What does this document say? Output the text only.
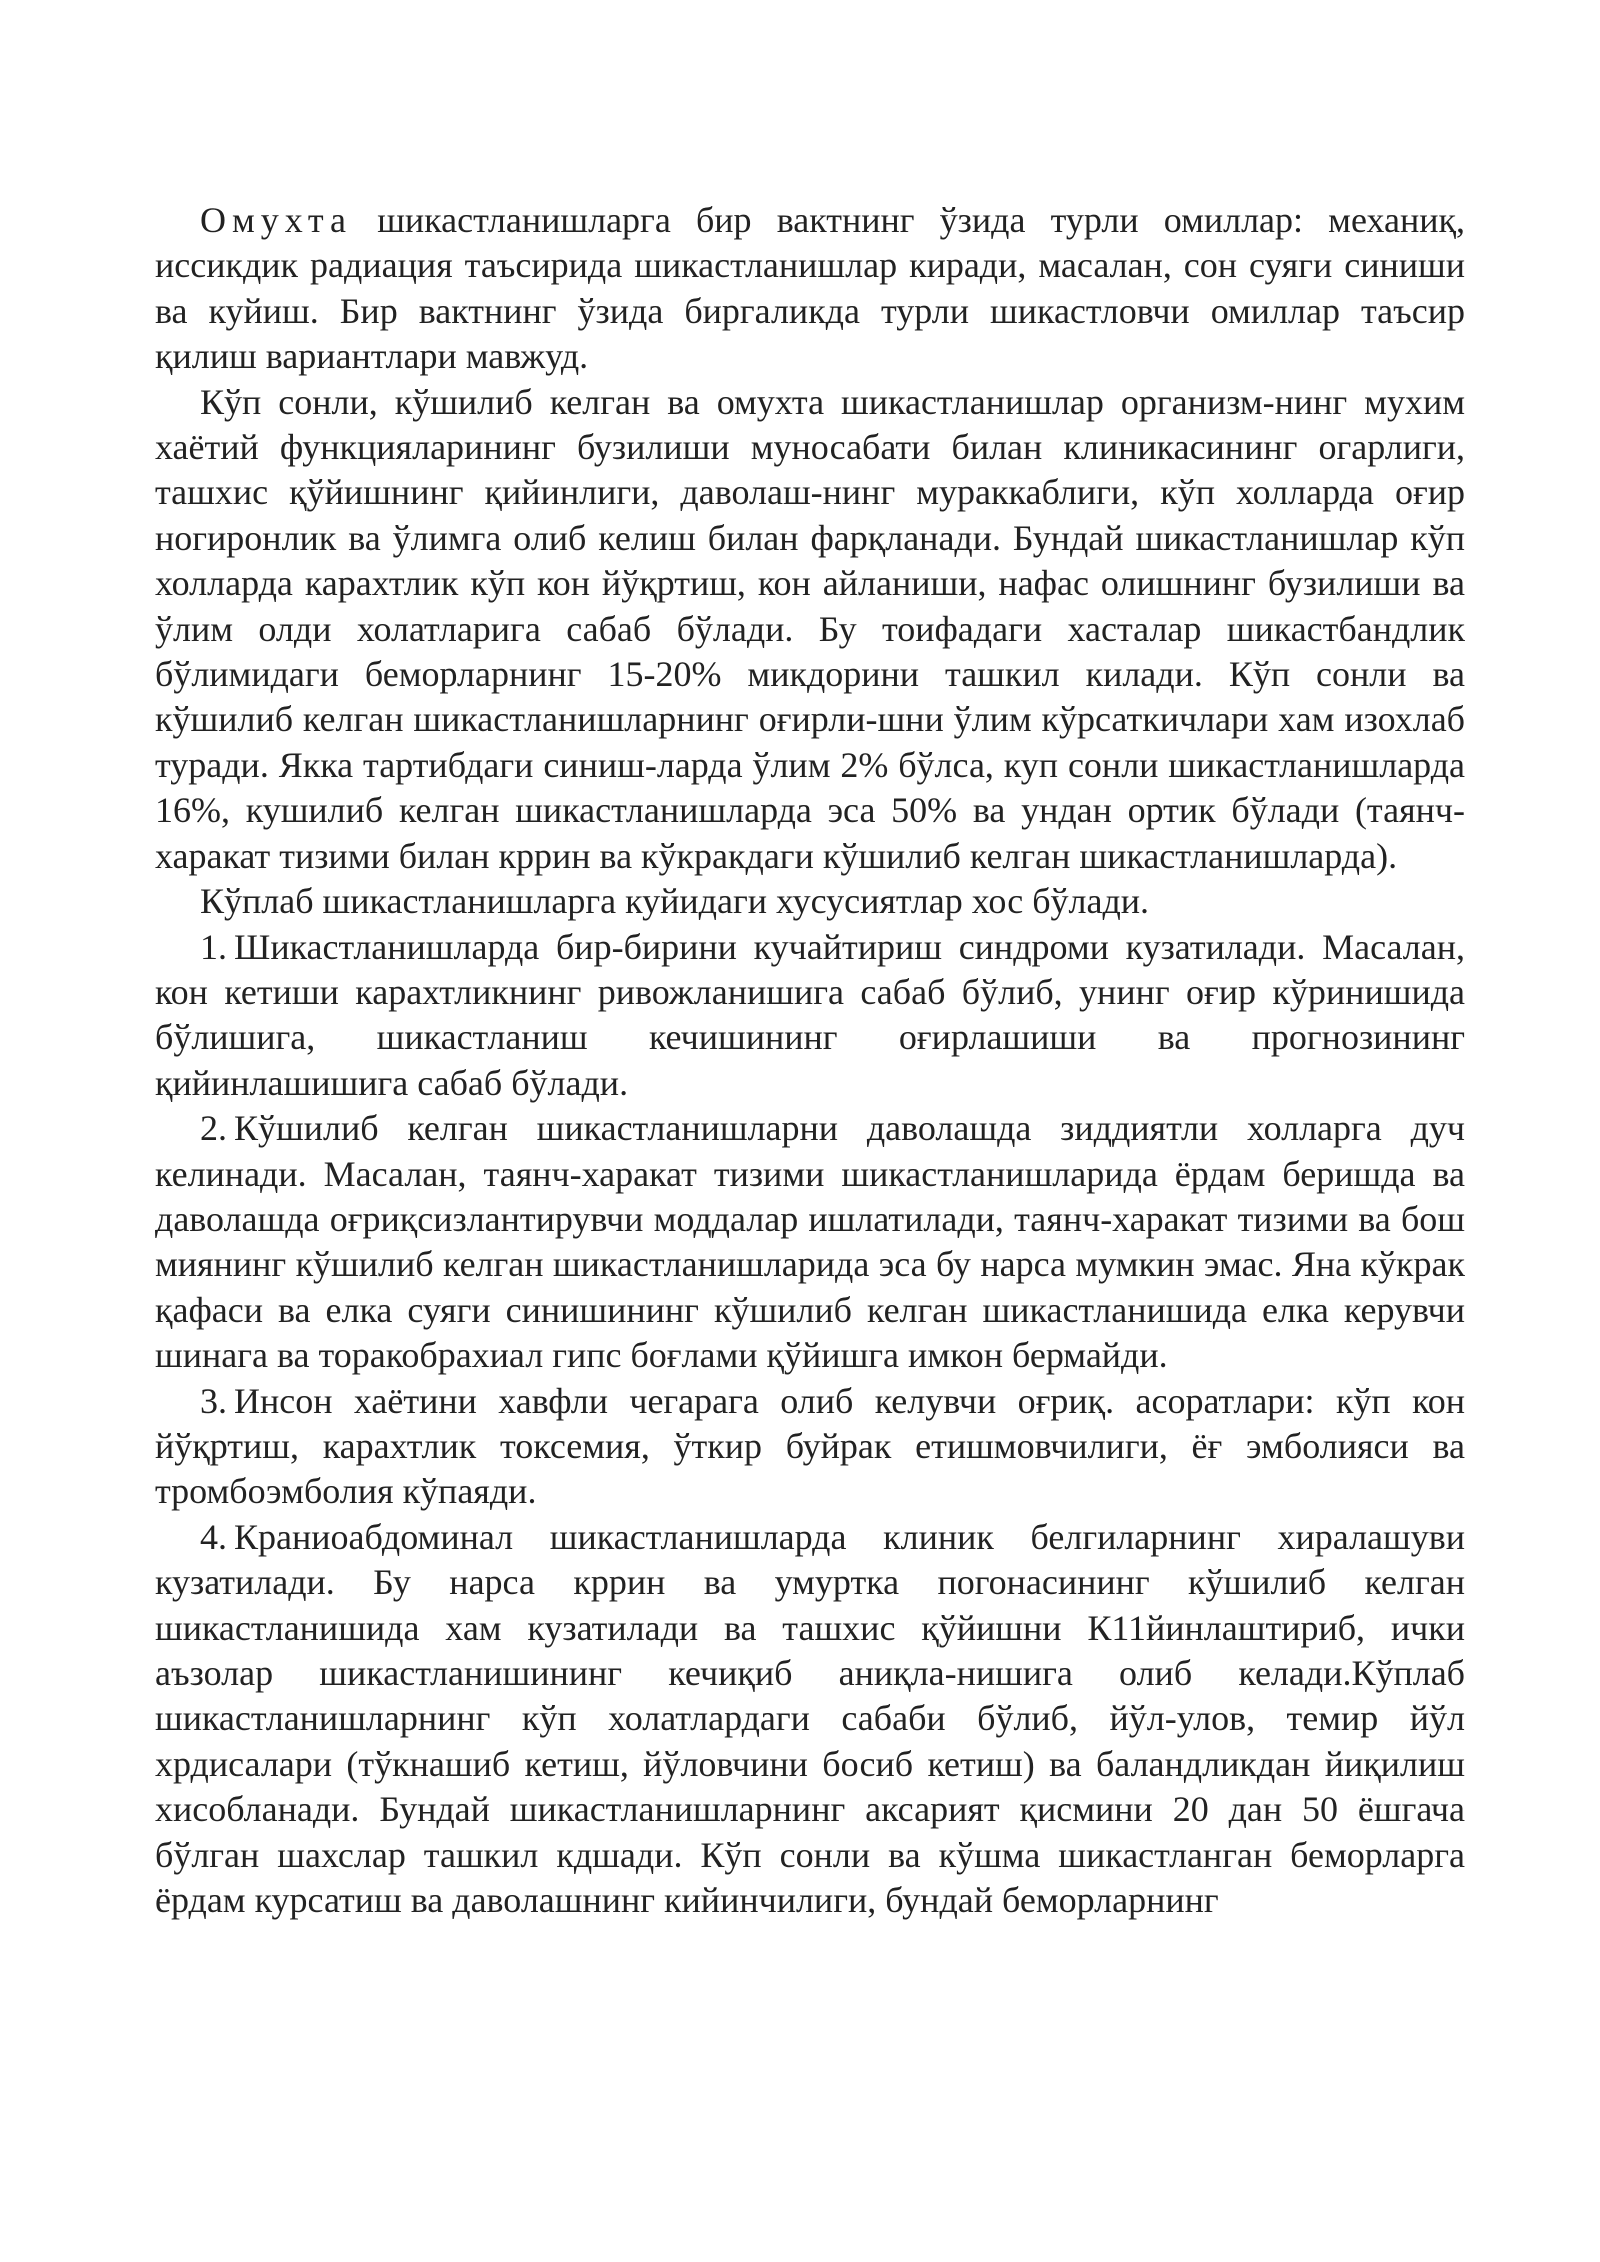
Омухта шикастланишларга бир вактнинг ўзида турли омиллар: механиқ, иссикдик радиация таъсирида шикастланишлар киради, масалан, сон суяги синиши ва куйиш. Бир вактнинг ўзида биргаликда турли шикастловчи омиллар таъсир қилиш вариантлари мавжуд.

Кўп сонли, кўшилиб келган ва омухта шикастланишлар организм-нинг мухим хаётий функцияларининг бузилиши муносабати билан клиникасининг огарлиги, ташхис қўйишнинг қийинлиги, даволаш-нинг мураккаблиги, кўп холларда оғир ногиронлик ва ўлимга олиб келиш билан фарқланади. Бундай шикастланишлар кўп холларда карахтлик кўп кон йўқртиш, кон айланиши, нафас олишнинг бузилиши ва ўлим олди холатларига сабаб бўлади. Бу тоифадаги хасталар шикастбандлик бўлимидаги беморларнинг 15-20% микдорини ташкил килади. Кўп сонли ва кўшилиб келган шикастланишларнинг оғирли-шни ўлим кўрсаткичлари хам изохлаб туради. Якка тартибдаги синиш-ларда ўлим 2% бўлса, куп сонли шикастланишларда 16%, кушилиб келган шикастланишларда эса 50% ва ундан ортик бўлади (таянч-харакат тизими билан кррин ва кўкракдаги кўшилиб келган шикастланишларда).

Кўплаб шикастланишларга куйидаги хусусиятлар хос бўлади.

1. Шикастланишларда бир-бирини кучайтириш синдроми кузатилади. Масалан, кон кетиши карахтликнинг ривожланишига сабаб бўлиб, унинг оғир кўринишида бўлишига, шикастланиш кечишининг оғирлашиши ва прогнозининг қийинлашишига сабаб бўлади.

2. Кўшилиб келган шикастланишларни даволашда зиддиятли холларга дуч келинади. Масалан, таянч-харакат тизими шикастланишларида ёрдам беришда ва даволашда оғриқсизлантирувчи моддалар ишлатилади, таянч-харакат тизими ва бош миянинг кўшилиб келган шикастланишларида эса бу нарса мумкин эмас. Яна кўкрак қафаси ва елка суяги синишининг кўшилиб келган шикастланишида елка керувчи шинага ва торакобрахиал гипс боғлами қўйишга имкон бермайди.

3. Инсон хаётини хавфли чегарага олиб келувчи оғриқ. асоратлари: кўп кон йўқртиш, карахтлик токсемия, ўткир буйрак етишмовчилиги, ёғ эмболияси ва тромбоэмболия кўпаяди.

4. Краниоабдоминал шикастланишларда клиник белгиларнинг хиралашуви кузатилади. Бу нарса кррин ва умуртка погонасининг кўшилиб келган шикастланишида хам кузатилади ва ташхис қўйишни К11йинлаштириб, ички аъзолар шикастланишининг кечиқиб аниқла-нишига олиб келади.Кўплаб шикастланишларнинг кўп холатлардаги сабаби бўлиб, йўл-улов, темир йўл хрдисалари (тўкнашиб кетиш, йўловчини босиб кетиш) ва баландликдан йиқилиш хисобланади. Бундай шикастланишларнинг аксарият қисмини 20 дан 50 ёшгача бўлган шахслар ташкил кдшади. Кўп сонли ва кўшма шикастланган беморларга ёрдам курсатиш ва даволашнинг кийинчилиги, бундай беморларнинг
